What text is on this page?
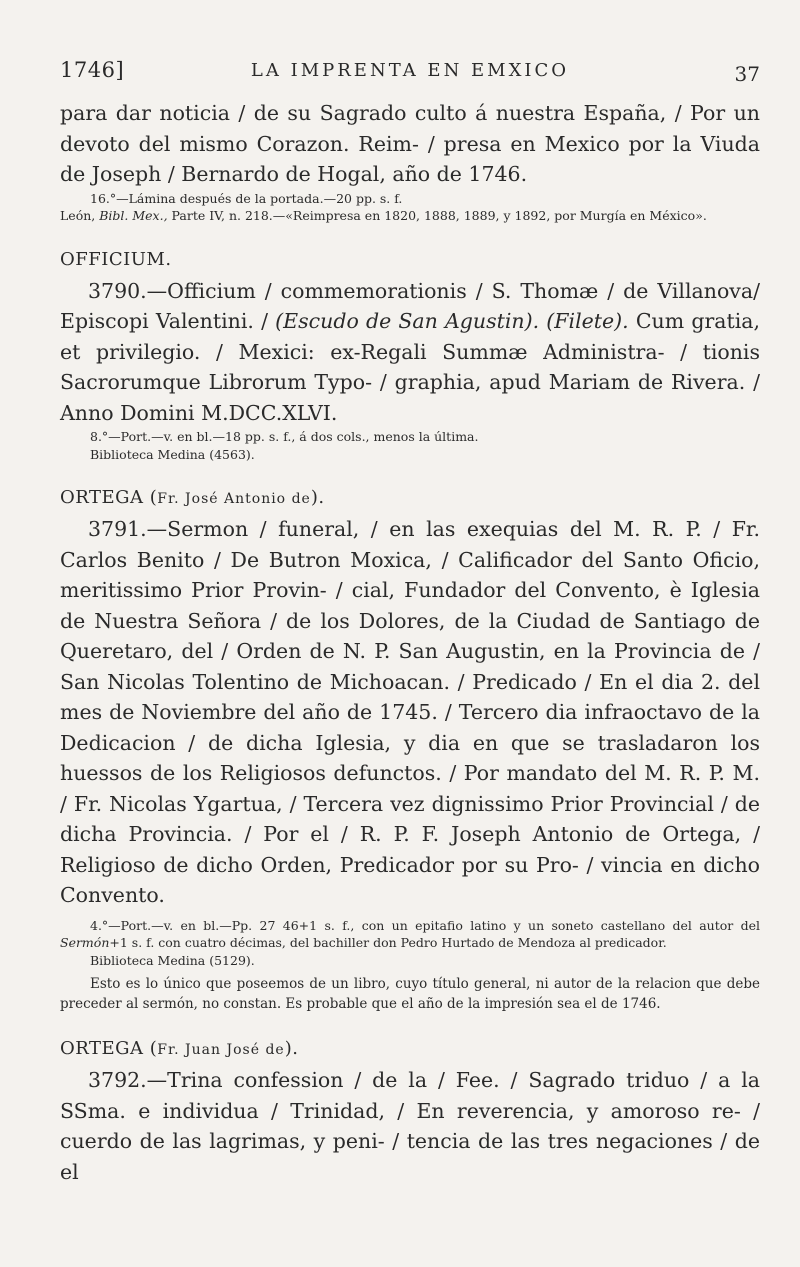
1746]	LA IMPRENTA EN EMXICO	37

para dar noticia / de su Sagrado culto á nuestra España, / Por un devoto del mismo Corazon. Reim- / presa en Mexico por la Viuda de Joseph / Bernardo de Hogal, año de 1746.

16.°—Lámina después de la portada.—20 pp. s. f.

León, Bibl. Mex., Parte IV, n. 218.—«Reimpresa en 1820, 1888, 1889, y 1892, por Murgía en México».

OFFICIUM.

3790.—Officium / commemorationis / S. Thomæ / de Villanova/ Episcopi Valentini. / (Escudo de San Agustin). (Filete). Cum gratia, et privilegio. / Mexici: ex-Regali Summæ Administra- / tionis Sacrorumque Librorum Typo- / graphia, apud Mariam de Rivera. / Anno Domini M.DCC.XLVI.

8.°—Port.—v. en bl.—18 pp. s. f., á dos cols., menos la última.

Biblioteca Medina (4563).

ORTEGA (Fr. José Antonio de).

3791.—Sermon / funeral, / en las exequias del M. R. P. / Fr. Carlos Benito / De Butron Moxica, / Calificador del Santo Oficio, meritissimo Prior Provin- / cial, Fundador del Convento, è Iglesia de Nuestra Señora / de los Dolores, de la Ciudad de Santiago de Queretaro, del / Orden de N. P. San Augustin, en la Provincia de / San Nicolas Tolentino de Michoacan. / Predicado / En el dia 2. del mes de Noviembre del año de 1745. / Tercero dia infraoctavo de la Dedicacion / de dicha Iglesia, y dia en que se trasladaron los huessos de los Religiosos defunctos. / Por mandato del M. R. P. M. / Fr. Nicolas Ygartua, / Tercera vez dignissimo Prior Provincial / de dicha Provincia. / Por el / R. P. F. Joseph Antonio de Ortega, / Religioso de dicho Orden, Predicador por su Pro- / vincia en dicho Convento.

4.°—Port.—v. en bl.—Pp. 27 46+1 s. f., con un epitafio latino y un soneto castellano del autor del Sermón+1 s. f. con cuatro décimas, del bachiller don Pedro Hurtado de Mendoza al predicador.

Biblioteca Medina (5129).

Esto es lo único que poseemos de un libro, cuyo título general, ni autor de la relacion que debe preceder al sermón, no constan. Es probable que el año de la impresión sea el de 1746.

ORTEGA (Fr. Juan José de).

3792.—Trina confession / de la / Fee. / Sagrado triduo / a la SSma. e individua / Trinidad, / En reverencia, y amoroso re- / cuerdo de las lagrimas, y peni- / tencia de las tres negaciones / de el
